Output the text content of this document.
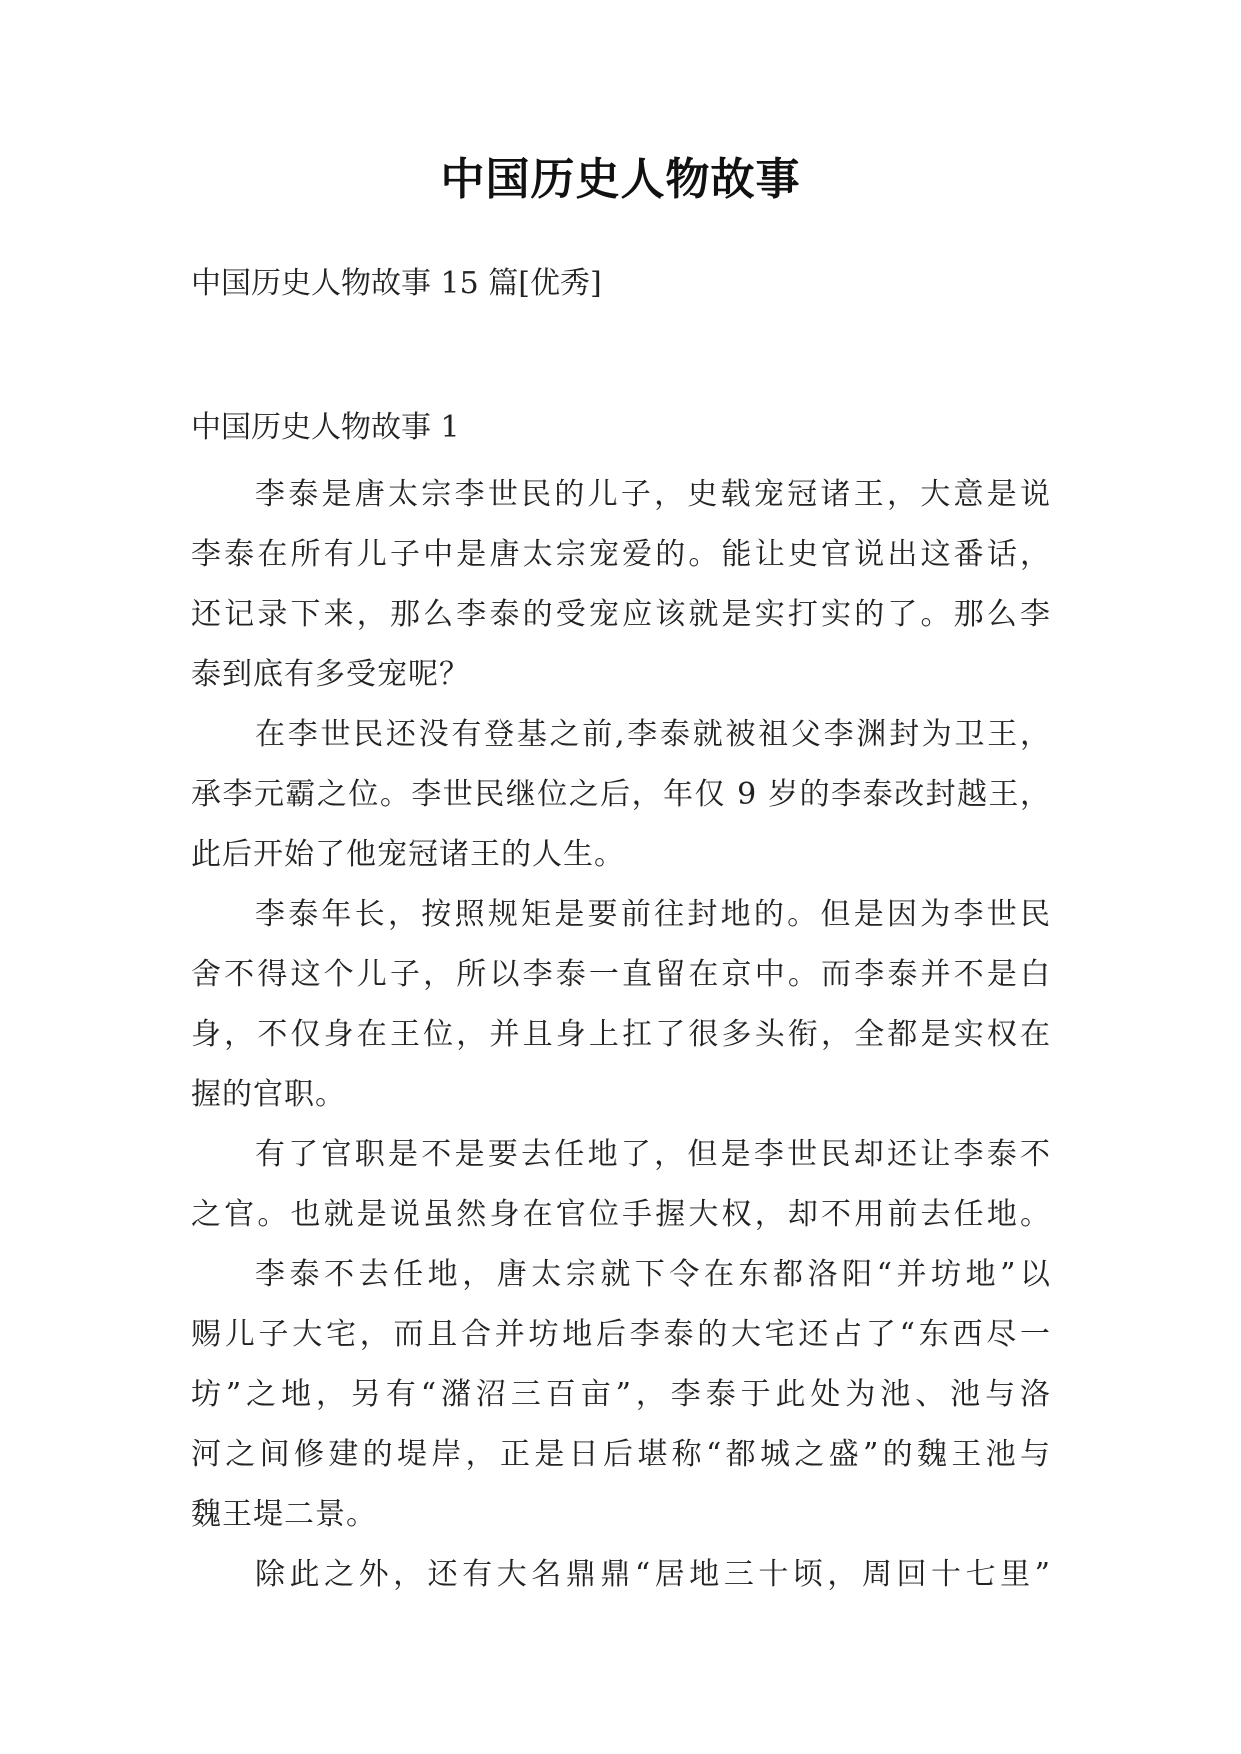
中国历史人物故事
中国历史人物故事 15 篇[优秀]
中国历史人物故事 1
李泰是唐太宗李世民的儿子，史载宠冠诸王，大意是说
李泰在所有儿子中是唐太宗宠爱的。能让史官说出这番话，
还记录下来，那么李泰的受宠应该就是实打实的了。那么李
泰到底有多受宠呢？
在李世民还没有登基之前,李泰就被祖父李渊封为卫王，
承李元霸之位。李世民继位之后，年仅 9 岁的李泰改封越王，
此后开始了他宠冠诸王的人生。
李泰年长，按照规矩是要前往封地的。但是因为李世民
舍不得这个儿子，所以李泰一直留在京中。而李泰并不是白
身，不仅身在王位，并且身上扛了很多头衔，全都是实权在
握的官职。
有了官职是不是要去任地了，但是李世民却还让李泰不
之官。也就是说虽然身在官位手握大权，却不用前去任地。
李泰不去任地，唐太宗就下令在东都洛阳“并坊地”以
赐儿子大宅，而且合并坊地后李泰的大宅还占了“东西尽一
坊”之地，另有“潴沼三百亩”，李泰于此处为池、池与洛
河之间修建的堤岸，正是日后堪称“都城之盛”的魏王池与
魏王堤二景。
除此之外，还有大名鼎鼎“居地三十顷，周回十七里”
